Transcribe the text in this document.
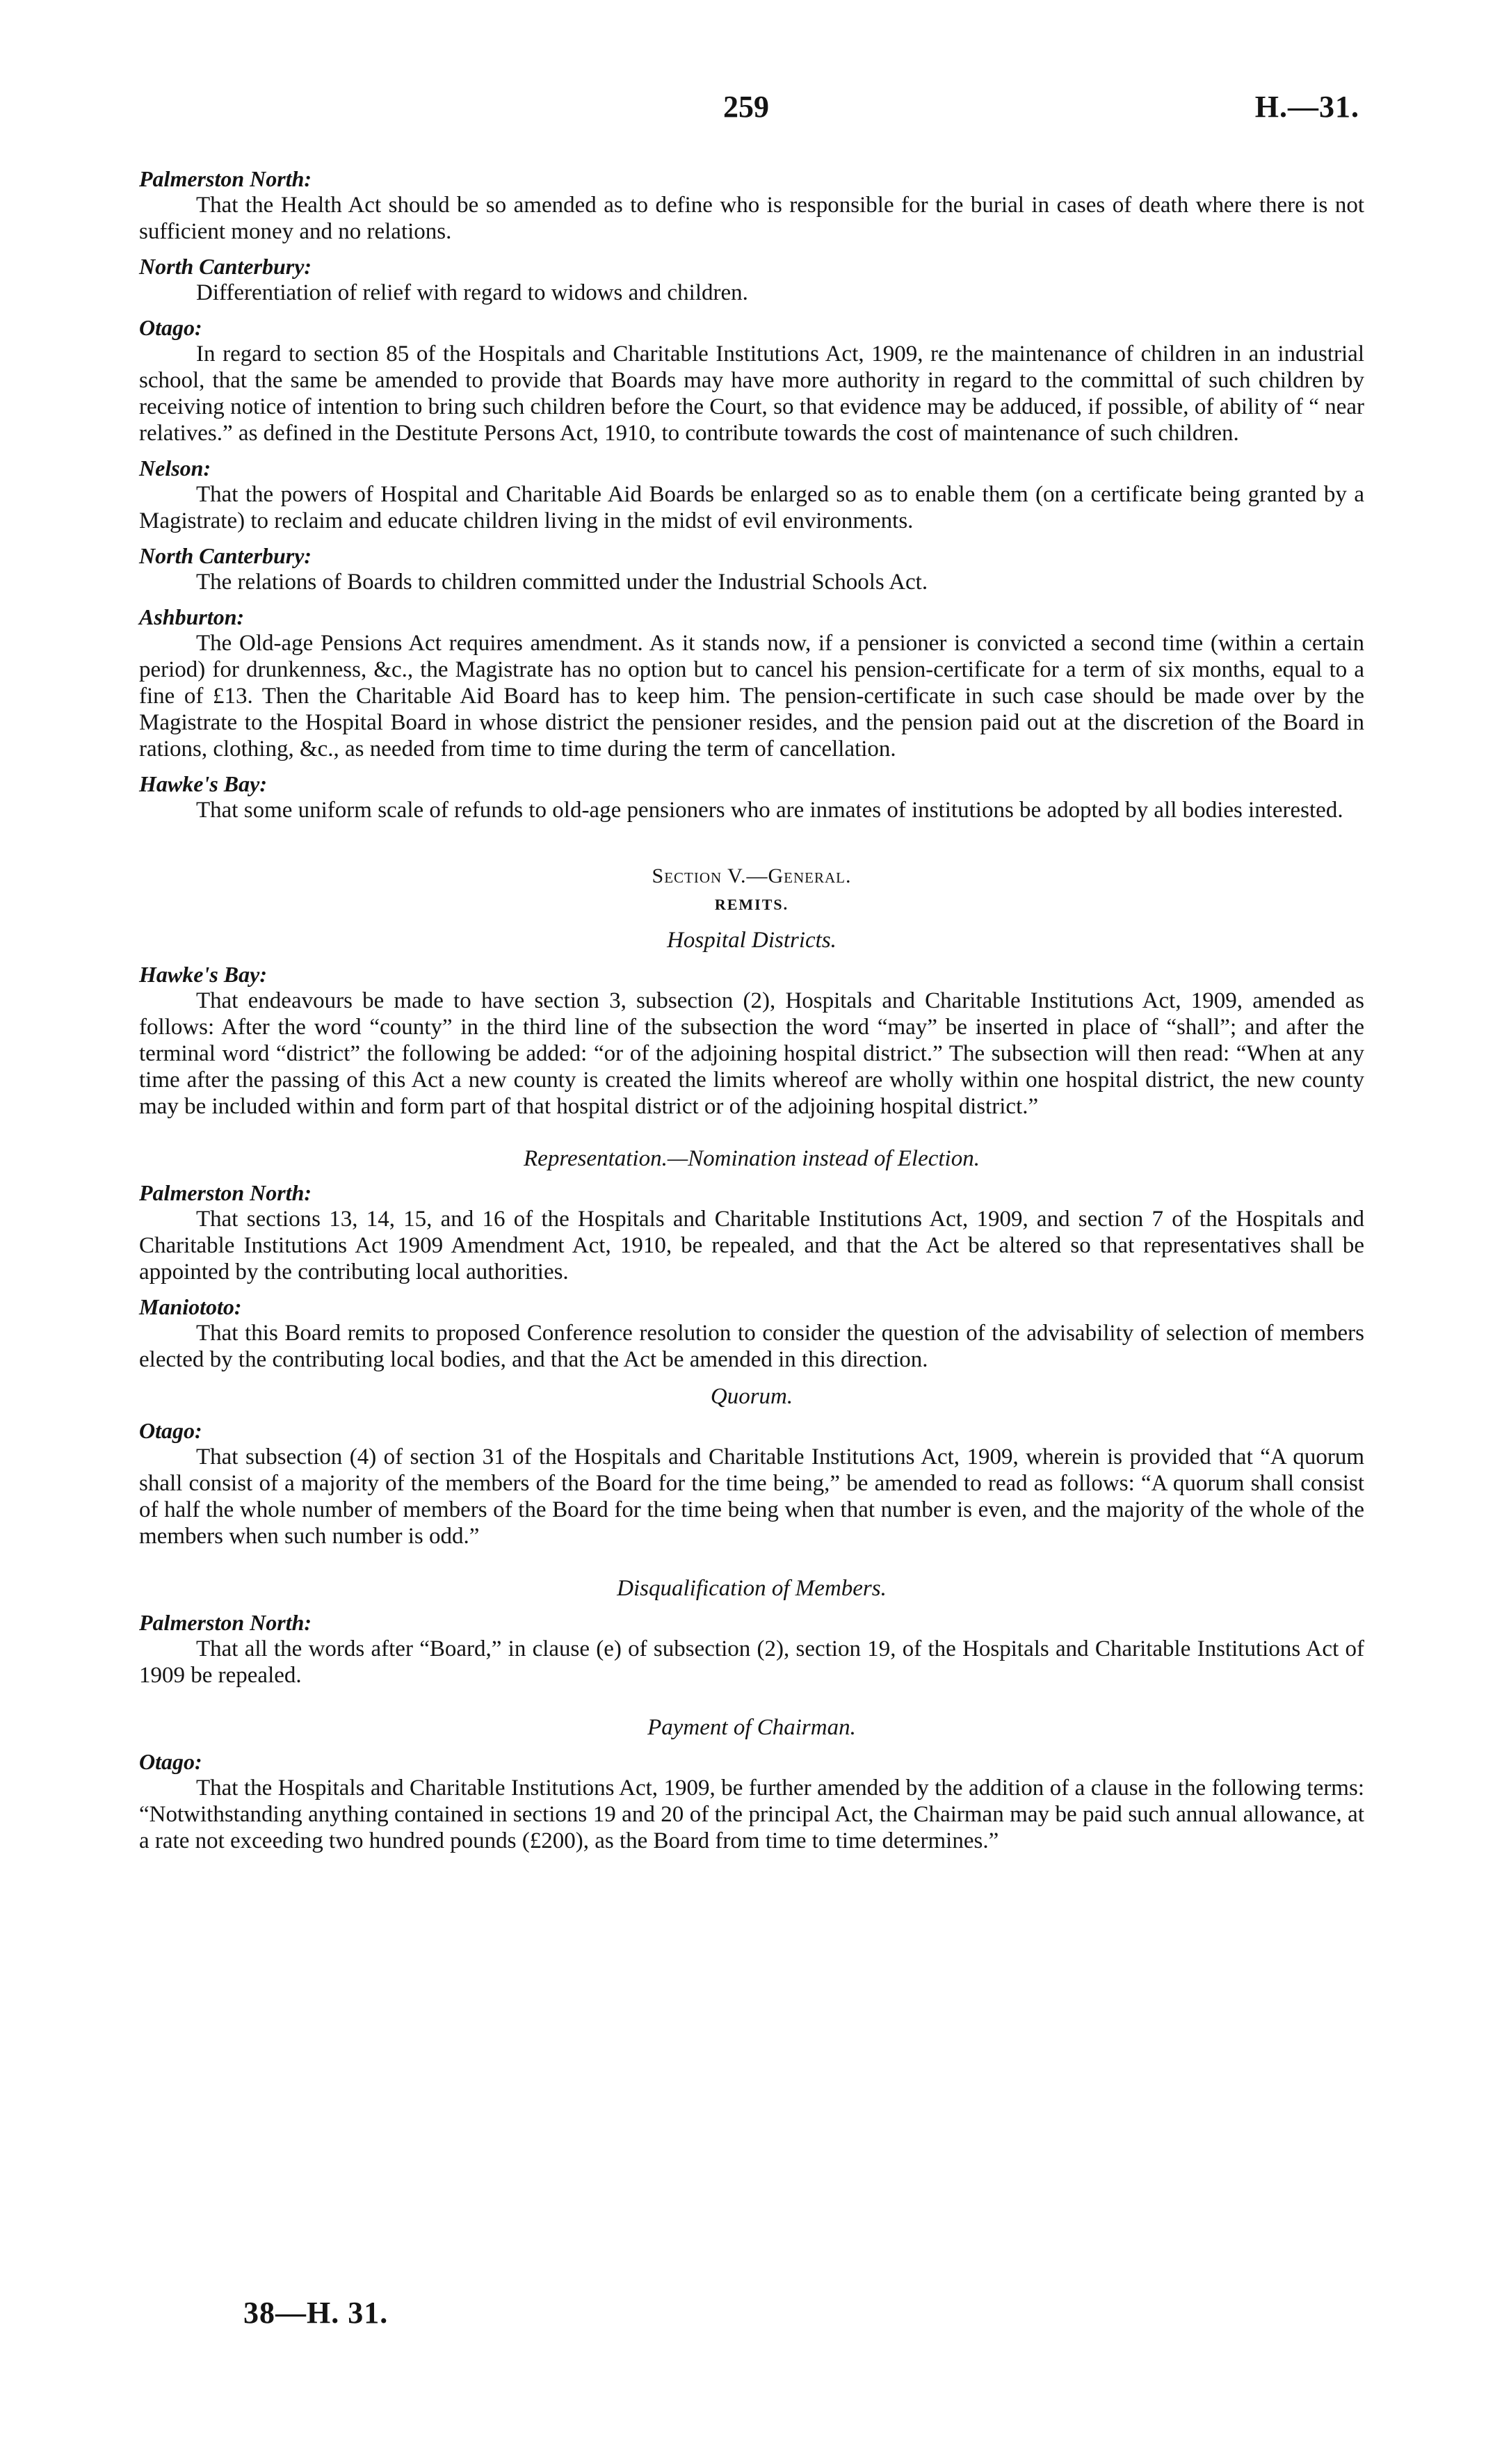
259	H.—31.
Palmerston North:
That the Health Act should be so amended as to define who is responsible for the burial in cases of death where there is not sufficient money and no relations.
North Canterbury:
Differentiation of relief with regard to widows and children.
Otago:
In regard to section 85 of the Hospitals and Charitable Institutions Act, 1909, re the maintenance of children in an industrial school, that the same be amended to provide that Boards may have more authority in regard to the committal of such children by receiving notice of intention to bring such children before the Court, so that evidence may be adduced, if possible, of ability of “ near relatives.” as defined in the Destitute Persons Act, 1910, to contribute towards the cost of maintenance of such children.
Nelson:
That the powers of Hospital and Charitable Aid Boards be enlarged so as to enable them (on a certificate being granted by a Magistrate) to reclaim and educate children living in the midst of evil environments.
North Canterbury:
The relations of Boards to children committed under the Industrial Schools Act.
Ashburton:
The Old-age Pensions Act requires amendment. As it stands now, if a pensioner is convicted a second time (within a certain period) for drunkenness, &c., the Magistrate has no option but to cancel his pension-certificate for a term of six months, equal to a fine of £13. Then the Charitable Aid Board has to keep him. The pension-certificate in such case should be made over by the Magistrate to the Hospital Board in whose district the pensioner resides, and the pension paid out at the discretion of the Board in rations, clothing, &c., as needed from time to time during the term of cancellation.
Hawke's Bay:
That some uniform scale of refunds to old-age pensioners who are inmates of institutions be adopted by all bodies interested.
Section V.—General.
REMITS.
Hospital Districts.
Hawke's Bay:
That endeavours be made to have section 3, subsection (2), Hospitals and Charitable Institutions Act, 1909, amended as follows: After the word “county” in the third line of the subsection the word “may” be inserted in place of “shall”; and after the terminal word “district” the following be added: “or of the adjoining hospital district.” The subsection will then read: “When at any time after the passing of this Act a new county is created the limits whereof are wholly within one hospital district, the new county may be included within and form part of that hospital district or of the adjoining hospital district.”
Representation.—Nomination instead of Election.
Palmerston North:
That sections 13, 14, 15, and 16 of the Hospitals and Charitable Institutions Act, 1909, and section 7 of the Hospitals and Charitable Institutions Act 1909 Amendment Act, 1910, be repealed, and that the Act be altered so that representatives shall be appointed by the contributing local authorities.
Maniototo:
That this Board remits to proposed Conference resolution to consider the question of the advisability of selection of members elected by the contributing local bodies, and that the Act be amended in this direction.
Quorum.
Otago:
That subsection (4) of section 31 of the Hospitals and Charitable Institutions Act, 1909, wherein is provided that “A quorum shall consist of a majority of the members of the Board for the time being,” be amended to read as follows: “A quorum shall consist of half the whole number of members of the Board for the time being when that number is even, and the majority of the whole of the members when such number is odd.”
Disqualification of Members.
Palmerston North:
That all the words after “Board,” in clause (e) of subsection (2), section 19, of the Hospitals and Charitable Institutions Act of 1909 be repealed.
Payment of Chairman.
Otago:
That the Hospitals and Charitable Institutions Act, 1909, be further amended by the addition of a clause in the following terms: “Notwithstanding anything contained in sections 19 and 20 of the principal Act, the Chairman may be paid such annual allowance, at a rate not exceeding two hundred pounds (£200), as the Board from time to time determines.”
38—H. 31.
